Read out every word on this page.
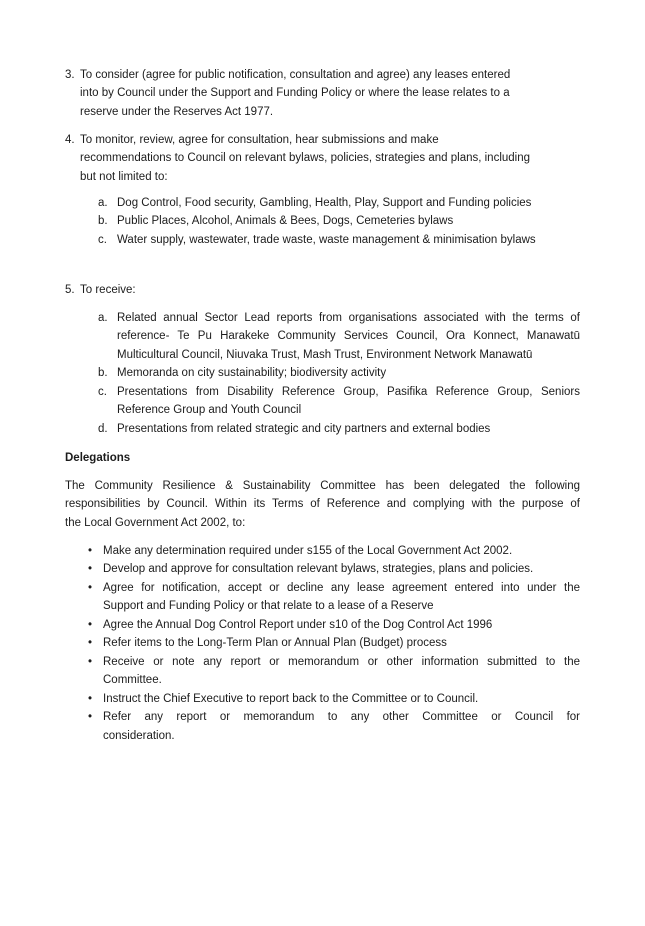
3. To consider (agree for public notification, consultation and agree) any leases entered
into by Council under the Support and Funding Policy or where the lease relates to a
reserve under the Reserves Act 1977.
4. To monitor, review, agree for consultation, hear submissions and make
recommendations to Council on relevant bylaws, policies, strategies and plans, including
but not limited to:
a. Dog Control, Food security, Gambling, Health, Play, Support and Funding policies
b. Public Places, Alcohol, Animals & Bees, Dogs, Cemeteries bylaws
c. Water supply, wastewater, trade waste, waste management & minimisation bylaws
5. To receive:
a. Related annual Sector Lead reports from organisations associated with the terms of
reference- Te Pu Harakeke Community Services Council, Ora Konnect, Manawatū
Multicultural Council, Niuvaka Trust, Mash Trust, Environment Network Manawatū
b. Memoranda on city sustainability; biodiversity activity
c. Presentations from Disability Reference Group, Pasifika Reference Group, Seniors
Reference Group and Youth Council
d. Presentations from related strategic and city partners and external bodies
Delegations
The Community Resilience & Sustainability Committee has been delegated the following
responsibilities by Council. Within its Terms of Reference and complying with the purpose of
the Local Government Act 2002, to:
• Make any determination required under s155 of the Local Government Act 2002.
• Develop and approve for consultation relevant bylaws, strategies, plans and policies.
• Agree for notification, accept or decline any lease agreement entered into under the
Support and Funding Policy or that relate to a lease of a Reserve
• Agree the Annual Dog Control Report under s10 of the Dog Control Act 1996
• Refer items to the Long-Term Plan or Annual Plan (Budget) process
• Receive or note any report or memorandum or other information submitted to the
Committee.
• Instruct the Chief Executive to report back to the Committee or to Council.
• Refer any report or memorandum to any other Committee or Council for
consideration.
